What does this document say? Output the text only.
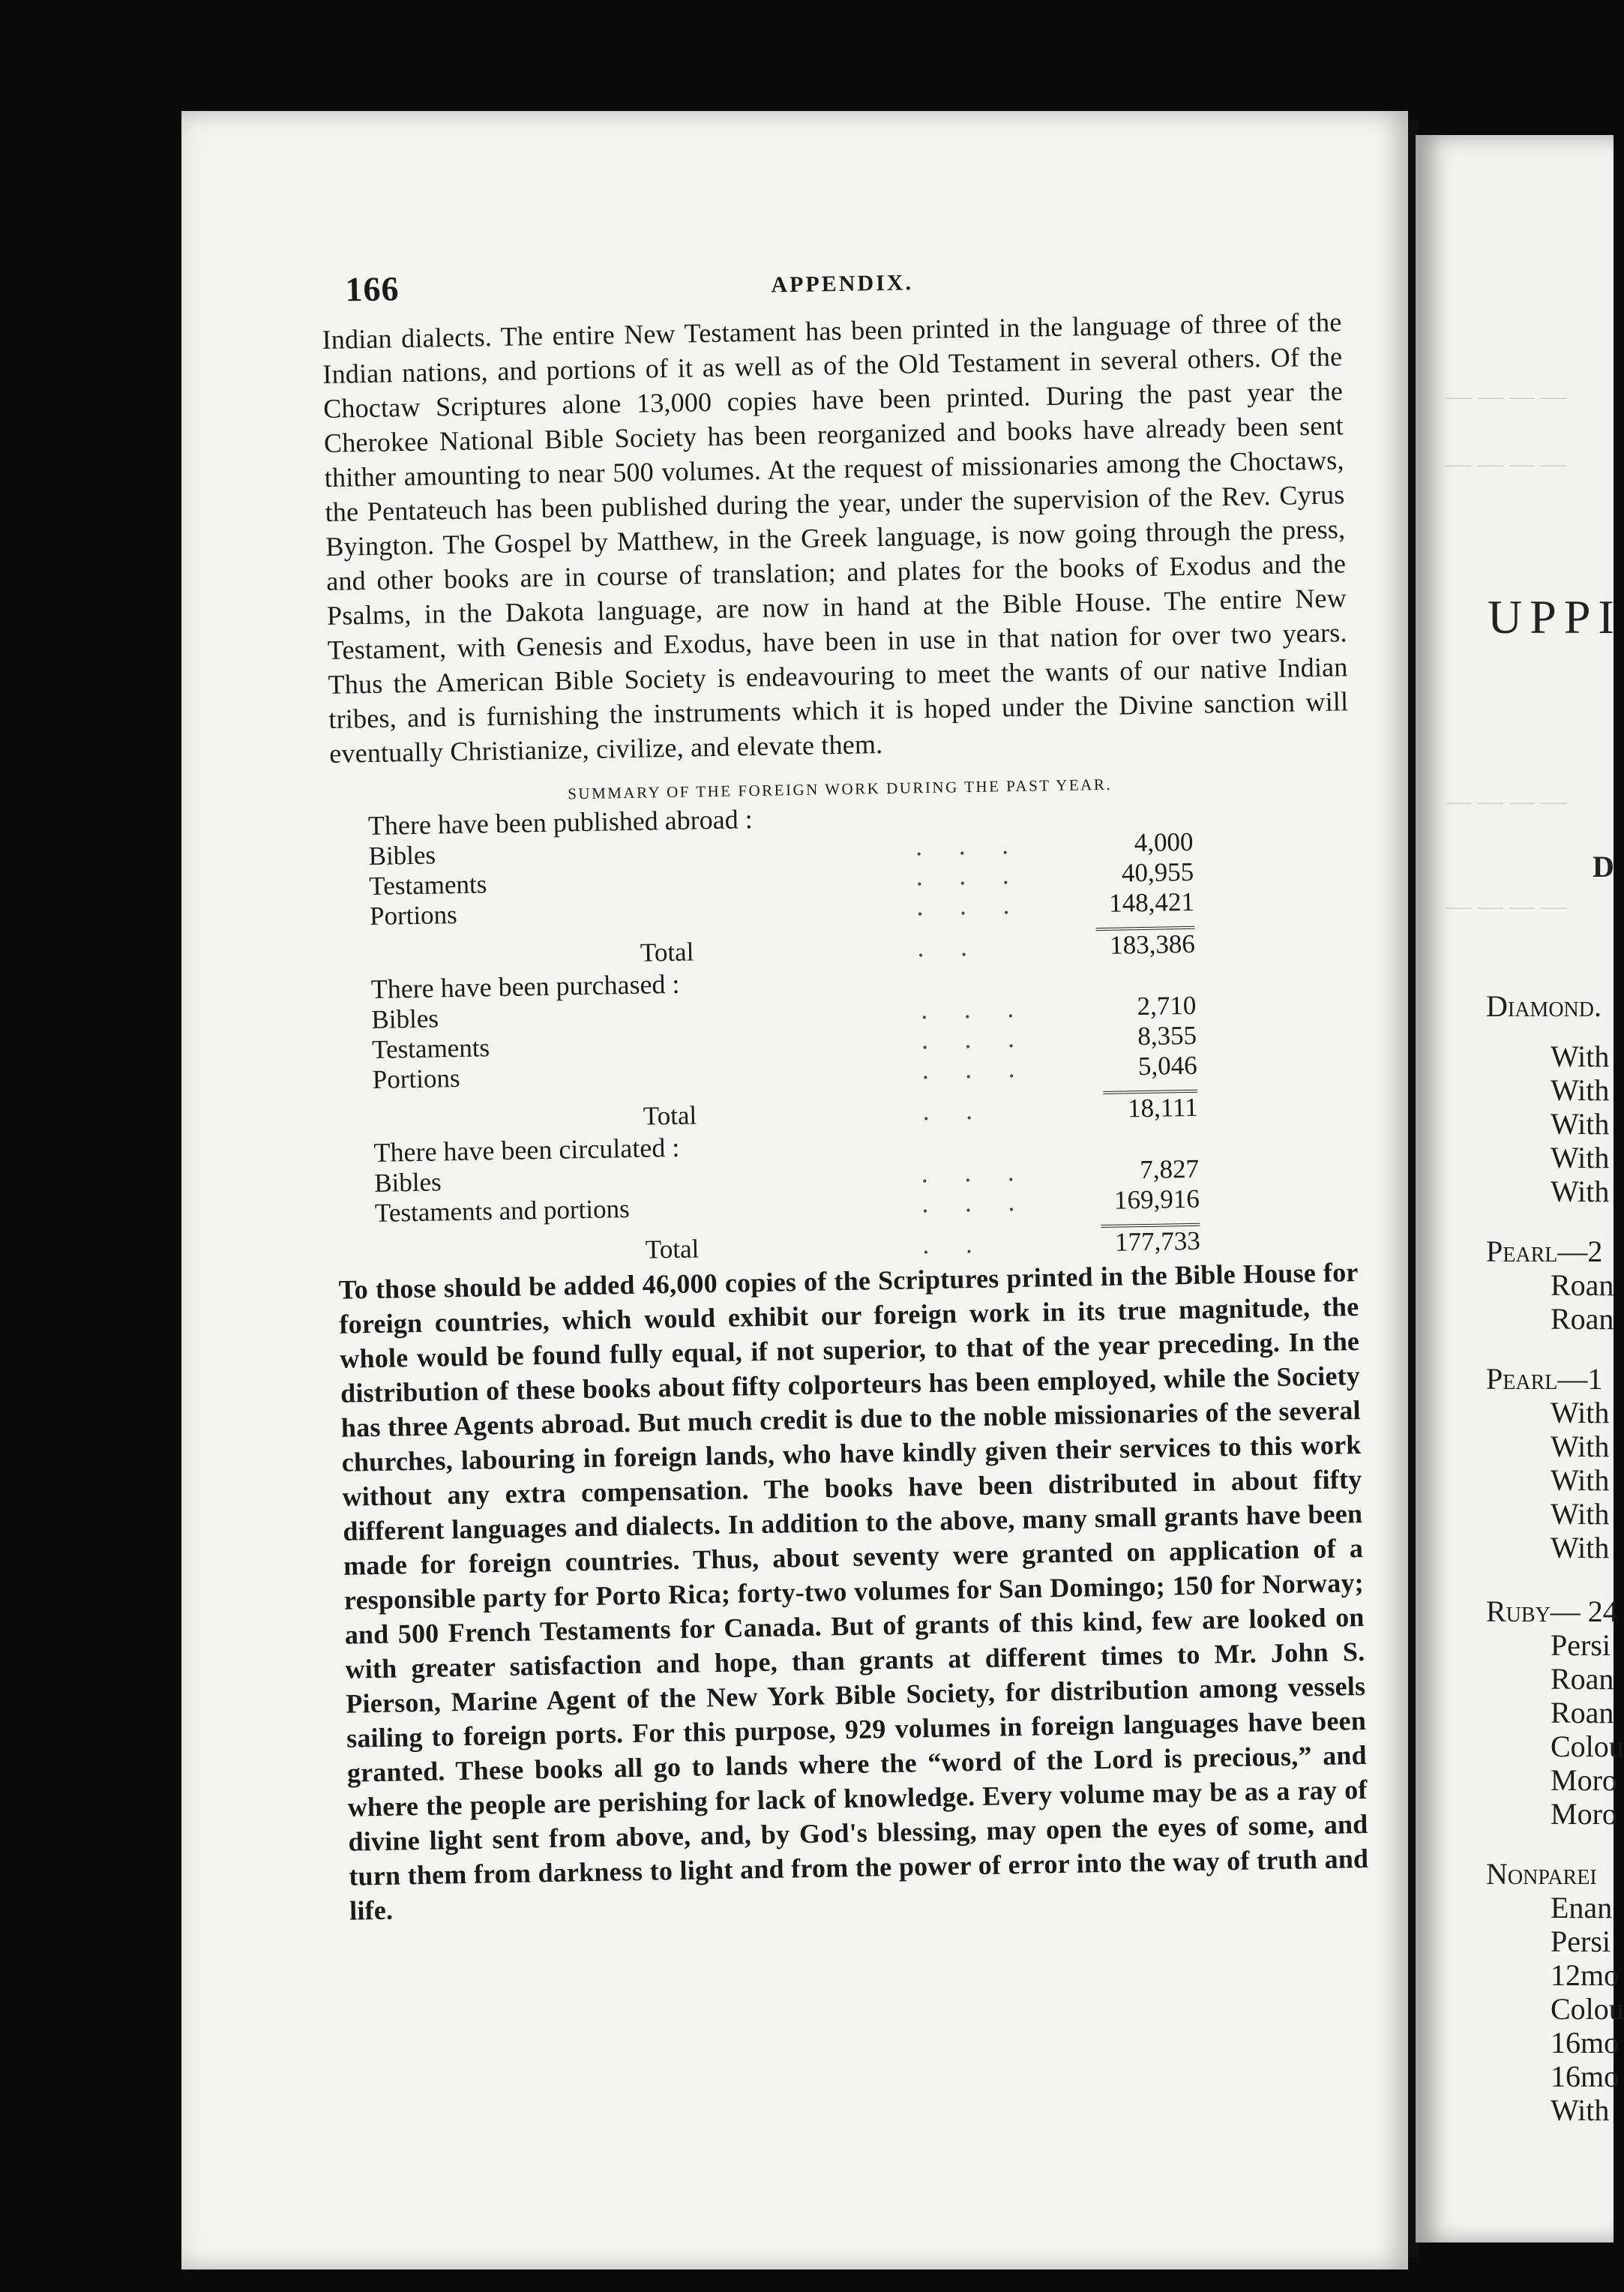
166	APPENDIX.
Indian dialects. The entire New Testament has been printed in the language of three of the Indian nations, and portions of it as well as of the Old Testament in several others. Of the Choctaw Scriptures alone 13,000 copies have been printed. During the past year the Cherokee National Bible Society has been reorganized and books have already been sent thither amounting to near 500 volumes. At the request of missionaries among the Choctaws, the Pentateuch has been published during the year, under the supervision of the Rev. Cyrus Byington. The Gospel by Matthew, in the Greek language, is now going through the press, and other books are in course of translation; and plates for the books of Exodus and the Psalms, in the Dakota language, are now in hand at the Bible House. The entire New Testament, with Genesis and Exodus, have been in use in that nation for over two years. Thus the American Bible Society is endeavouring to meet the wants of our native Indian tribes, and is furnishing the instruments which it is hoped under the Divine sanction will eventually Christianize, civilize, and elevate them.
SUMMARY OF THE FOREIGN WORK DURING THE PAST YEAR.
There have been published abroad :
Bibles	. . .	4,000
Testaments	. . .	40,955
Portions	. . .	148,421

Total	. .	183,386
There have been purchased :
Bibles	. . .	2,710
Testaments	. . .	8,355
Portions	. . .	5,046

Total	. .	18,111
There have been circulated :
Bibles	. . .	7,827
Testaments and portions	. . .	169,916

Total	. .	177,733
To those should be added 46,000 copies of the Scriptures printed in the Bible House for foreign countries, which would exhibit our foreign work in its true magnitude, the whole would be found fully equal, if not superior, to that of the year preceding. In the distribution of these books about fifty colporteurs has been employed, while the Society has three Agents abroad. But much credit is due to the noble missionaries of the several churches, labouring in foreign lands, who have kindly given their services to this work without any extra compensation. The books have been distributed in about fifty different languages and dialects. In addition to the above, many small grants have been made for foreign countries. Thus, about seventy were granted on application of a responsible party for Porto Rica; forty-two volumes for San Domingo; 150 for Norway; and 500 French Testaments for Canada. But of grants of this kind, few are looked on with greater satisfaction and hope, than grants at different times to Mr. John S. Pierson, Marine Agent of the New York Bible Society, for distribution among vessels sailing to foreign ports. For this purpose, 929 volumes in foreign languages have been granted. These books all go to lands where the “word of the Lord is precious,” and where the people are perishing for lack of knowledge. Every volume may be as a ray of divine light sent from above, and, by God's blessing, may open the eyes of some, and turn them from darkness to light and from the power of error into the way of truth and life.
— — — —
— — — —
— — — —
— — — —
UPPI
D
Diamond.
With
With
With
With
With
Pearl—2
Roan
Roan
Pearl—1
With
With
With
With
With
Ruby— 24
Persi
Roan
Roan
Colou
Moro
Moro
Nonparei
Enan
Persi
12mo
Colou
16mo
16mo
With
